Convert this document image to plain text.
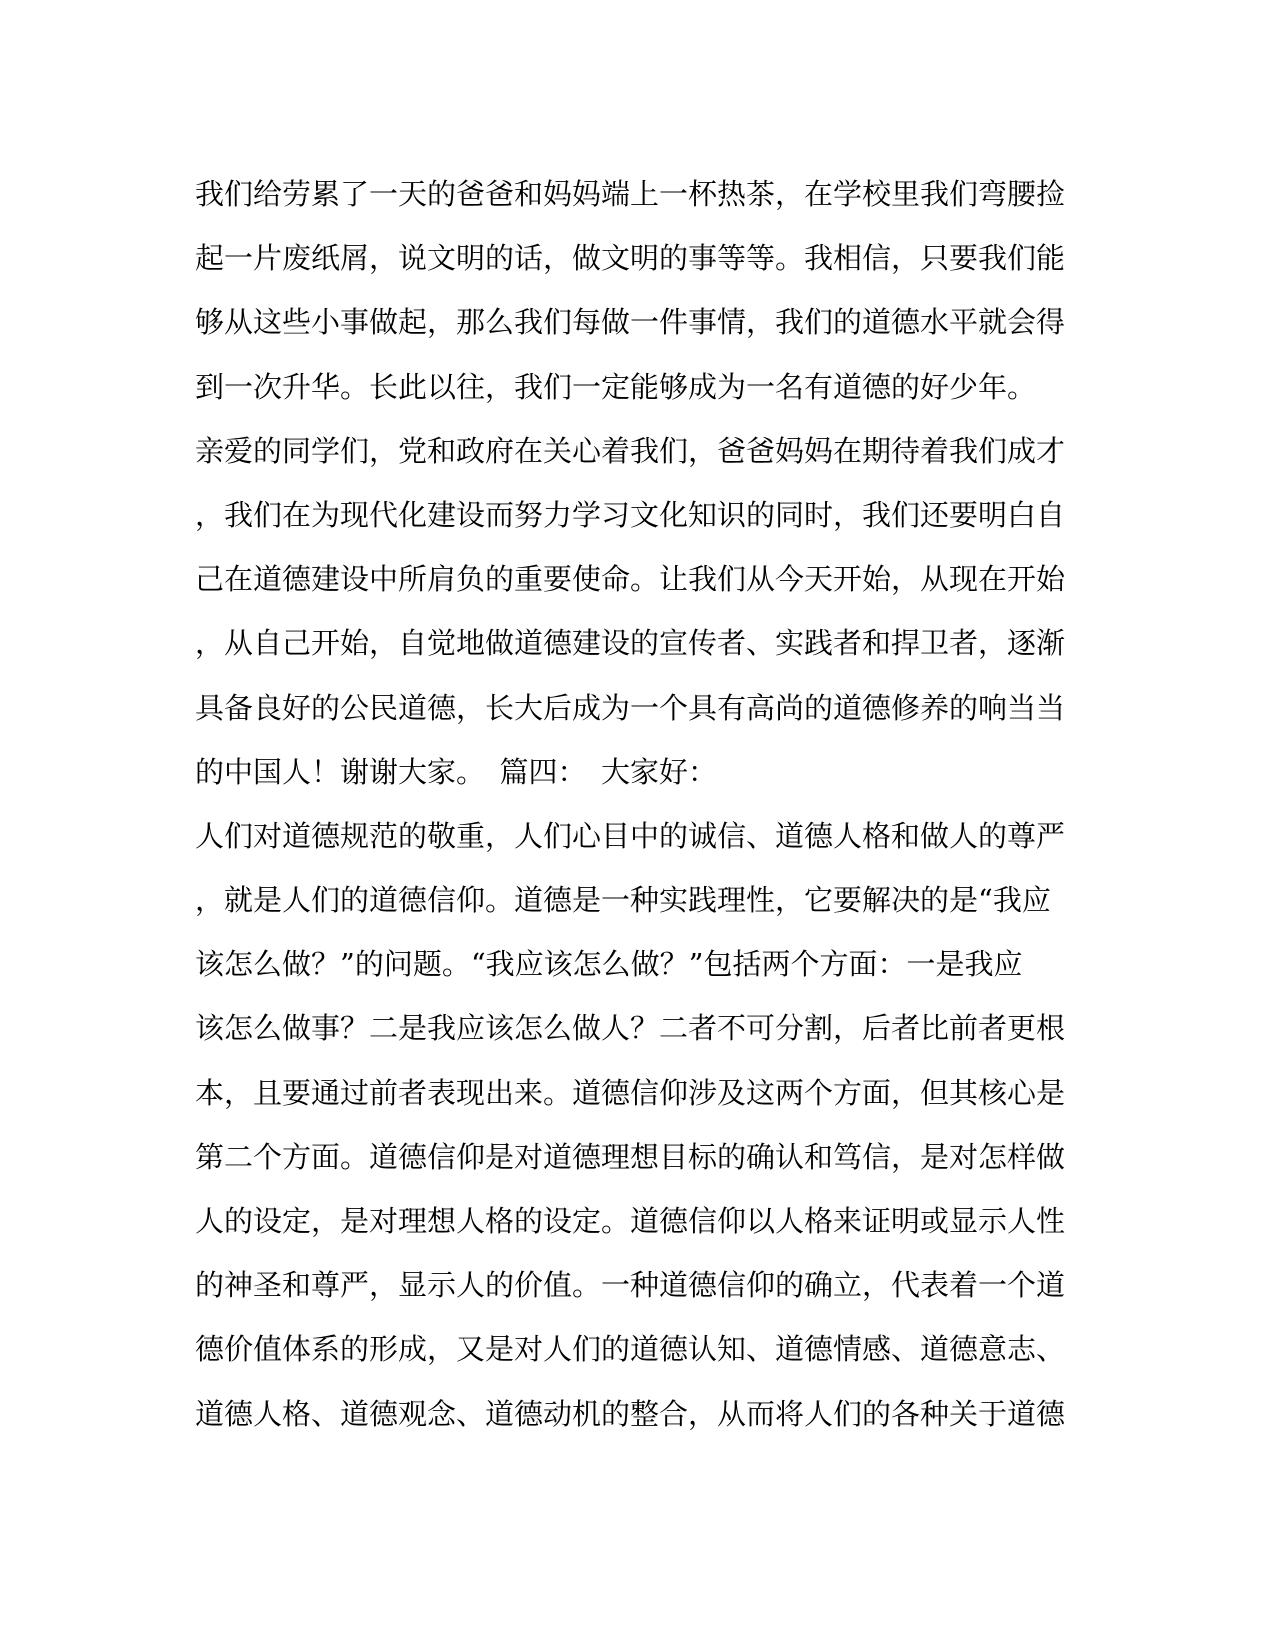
我们给劳累了一天的爸爸和妈妈端上一杯热茶，在学校里我们弯腰捡
起一片废纸屑，说文明的话，做文明的事等等。我相信，只要我们能
够从这些小事做起，那么我们每做一件事情，我们的道德水平就会得
到一次升华。长此以往，我们一定能够成为一名有道德的好少年。
亲爱的同学们，党和政府在关心着我们，爸爸妈妈在期待着我们成才
，我们在为现代化建设而努力学习文化知识的同时，我们还要明白自
己在道德建设中所肩负的重要使命。让我们从今天开始，从现在开始
，从自己开始，自觉地做道德建设的宣传者、实践者和捍卫者，逐渐
具备良好的公民道德，长大后成为一个具有高尚的道德修养的响当当
的中国人！谢谢大家。　篇四：　大家好：
人们对道德规范的敬重，人们心目中的诚信、道德人格和做人的尊严
，就是人们的道德信仰。道德是一种实践理性，它要解决的是“我应
该怎么做？”的问题。“我应该怎么做？”包括两个方面：一是我应
该怎么做事？二是我应该怎么做人？二者不可分割，后者比前者更根
本，且要通过前者表现出来。道德信仰涉及这两个方面，但其核心是
第二个方面。道德信仰是对道德理想目标的确认和笃信，是对怎样做
人的设定，是对理想人格的设定。道德信仰以人格来证明或显示人性
的神圣和尊严，显示人的价值。一种道德信仰的确立，代表着一个道
德价值体系的形成，又是对人们的道德认知、道德情感、道德意志、
道德人格、道德观念、道德动机的整合，从而将人们的各种关于道德
